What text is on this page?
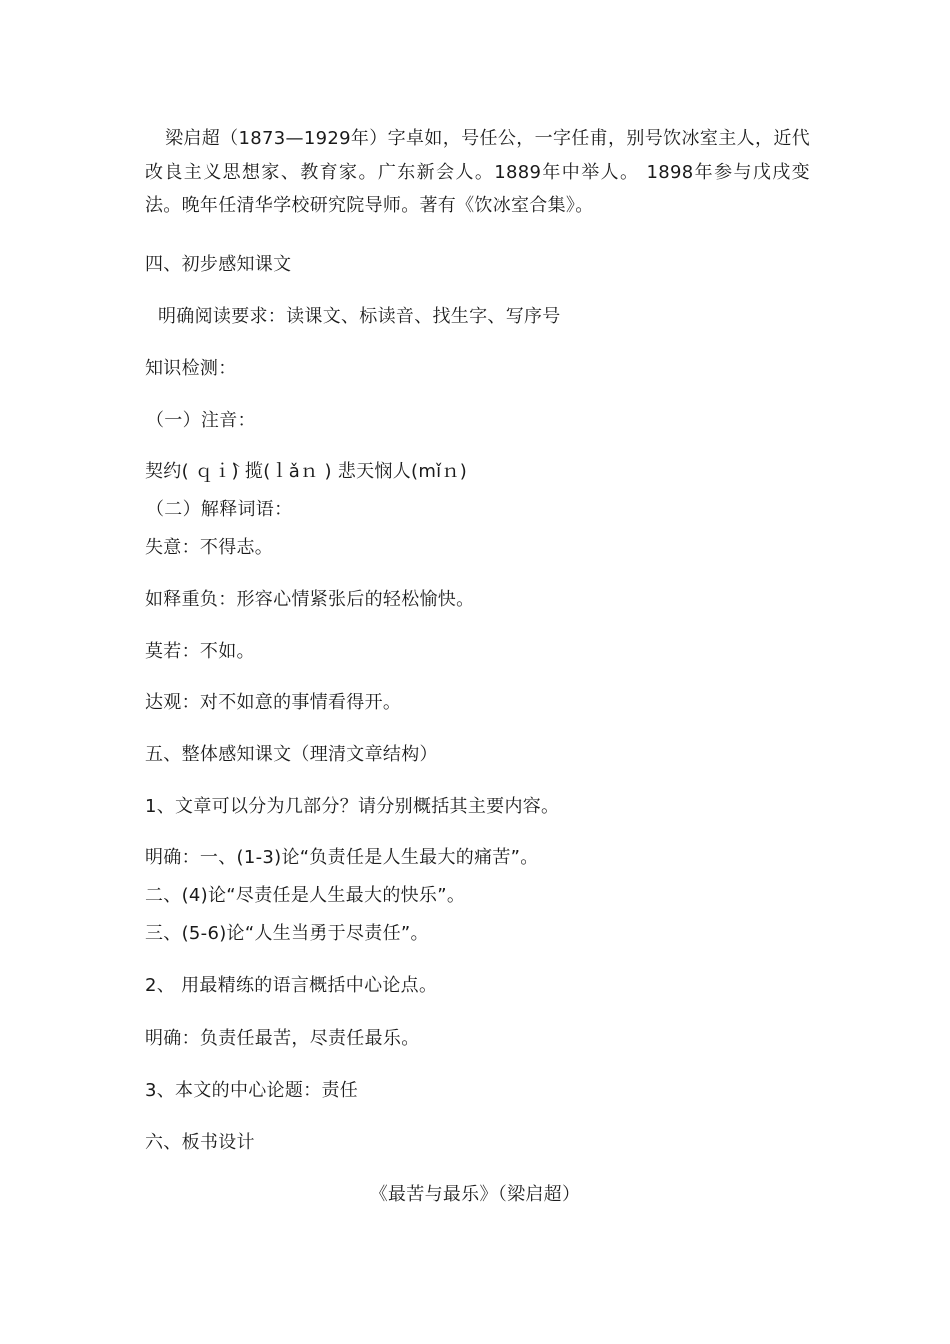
梁启超（1873—1929年）字卓如，号任公，一字任甫，别号饮冰室主人，近代改良主义思想家、教育家。广东新会人。1889年中举人。 1898年参与戊戌变法。晚年任清华学校研究院导师。著有《饮冰室合集》。
四、初步感知课文
明确阅读要求：读课文、标读音、找生字、写序号
知识检测：
（一）注音：
契约( ｑｉ̀) 揽(ｌǎｎ ) 悲天悯人(mǐｎ)
（二）解释词语：
失意：不得志。
如释重负：形容心情紧张后的轻松愉快。
莫若：不如。
达观：对不如意的事情看得开。
五、整体感知课文（理清文章结构）
1、文章可以分为几部分？请分别概括其主要内容。
明确：一、(1-3)论“负责任是人生最大的痛苦”。
二、(4)论“尽责任是人生最大的快乐”。
三、(5-6)论“人生当勇于尽责任”。
2、 用最精练的语言概括中心论点。
明确：负责任最苦，尽责任最乐。
3、本文的中心论题：责任
六、板书设计
《最苦与最乐》（梁启超）
